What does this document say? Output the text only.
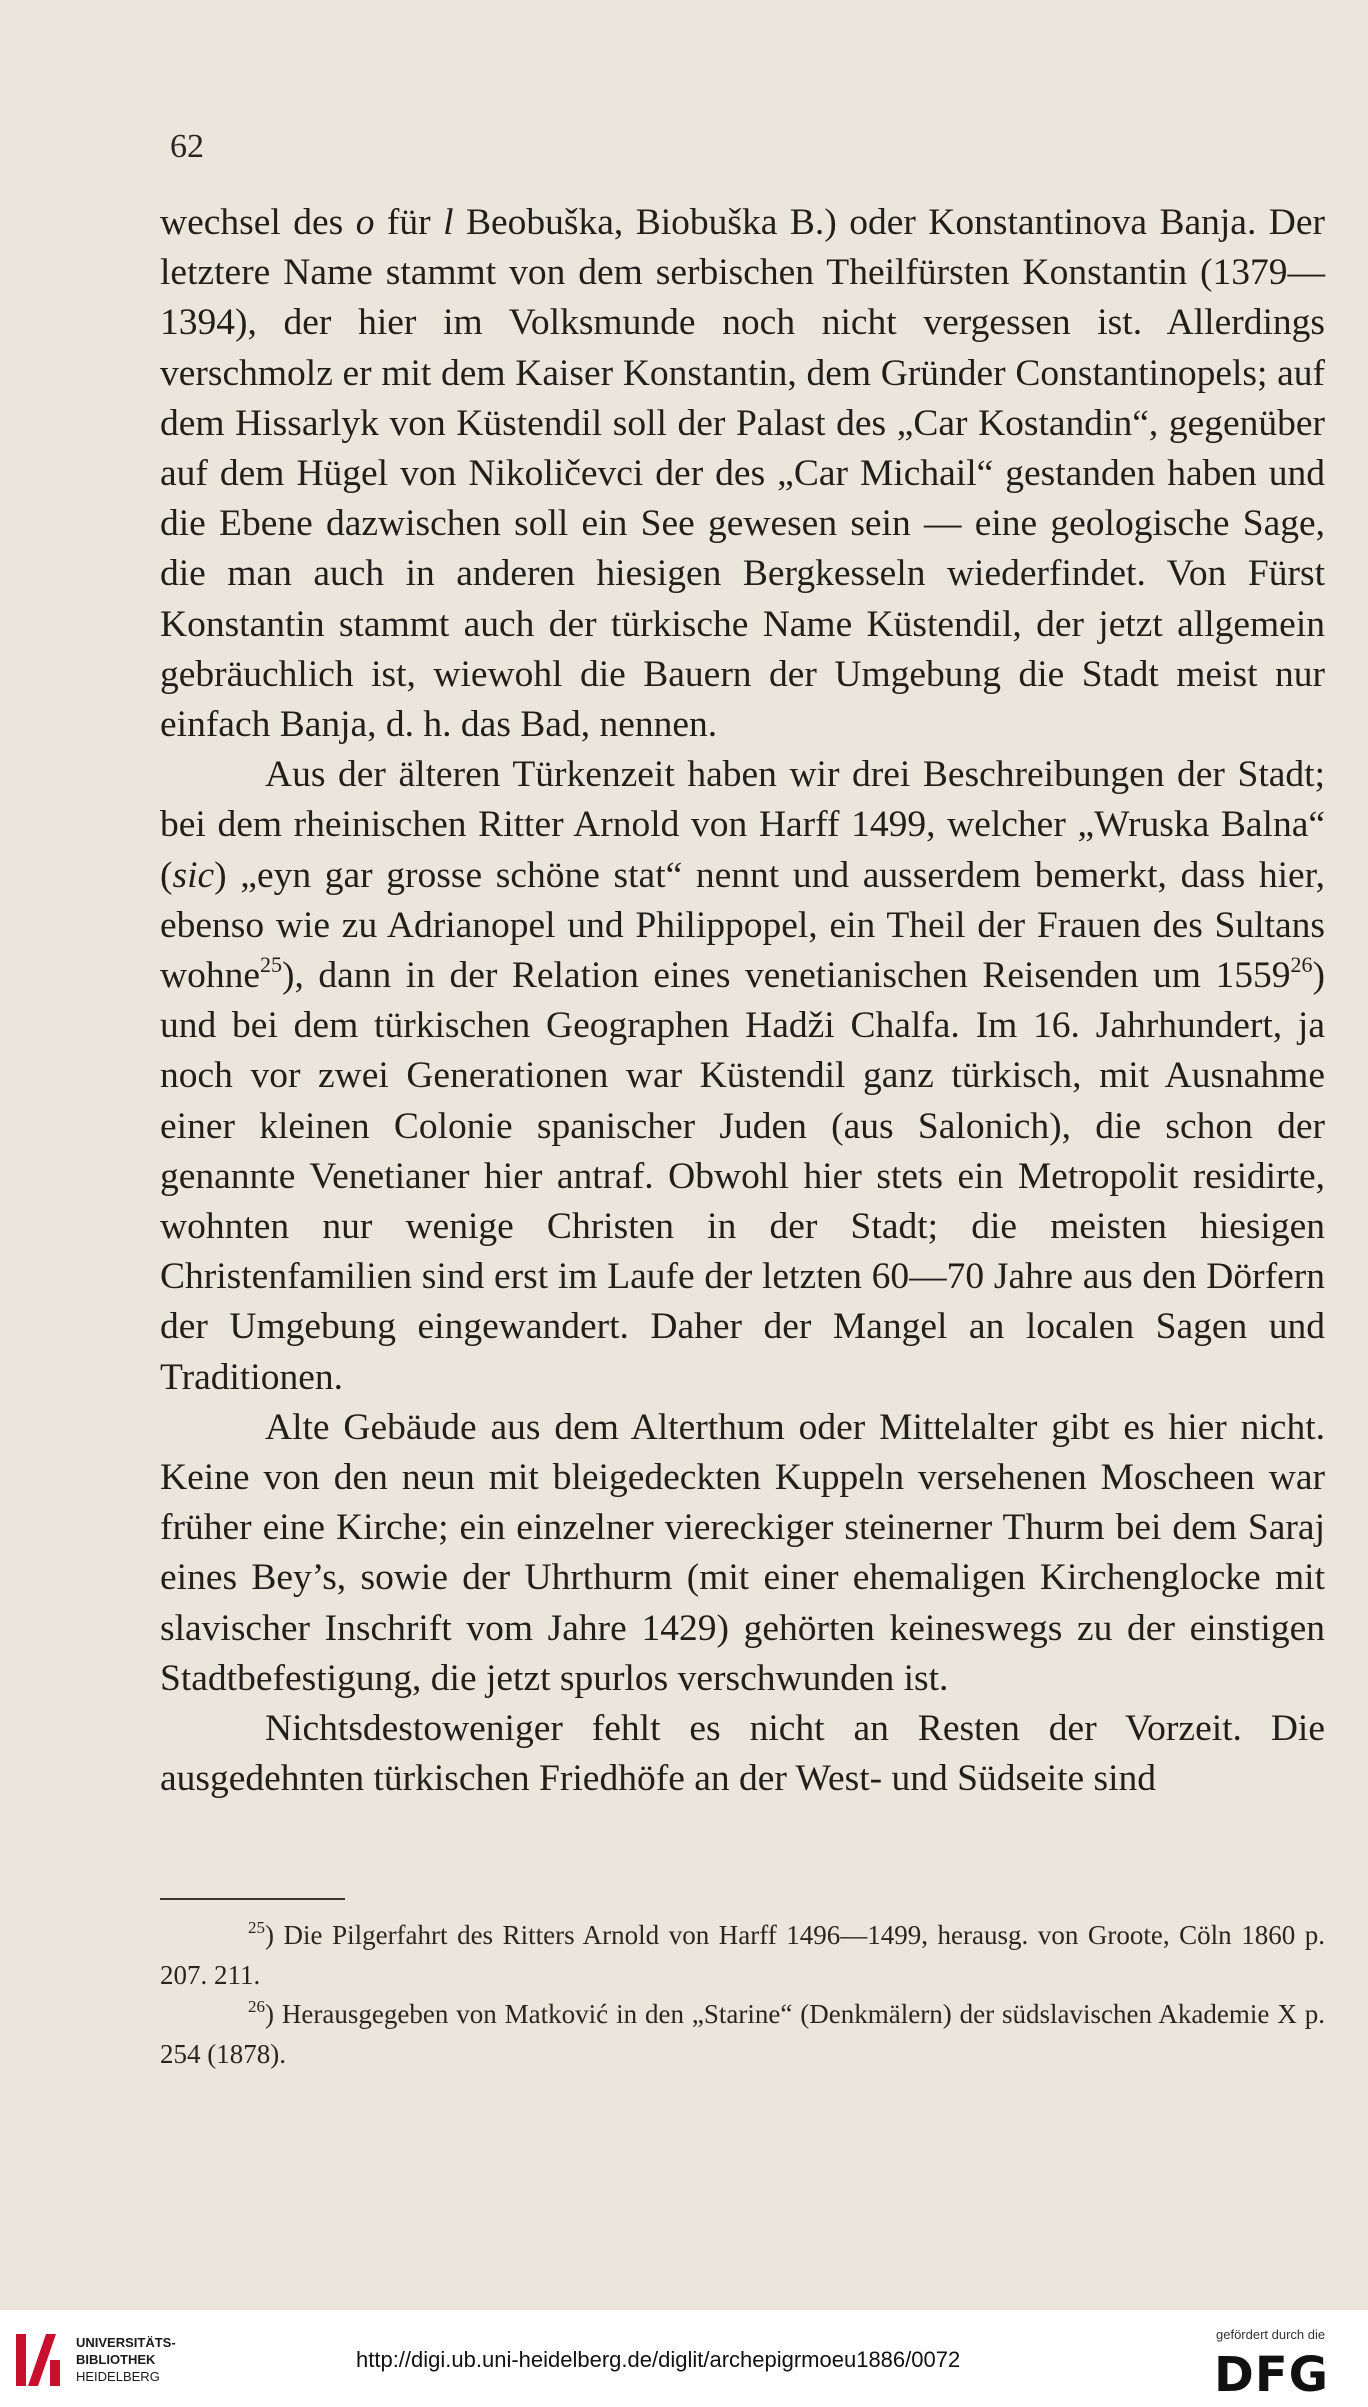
62

wechsel des o für l Beobuška, Biobuška B.) oder Konstantinova Banja. Der letztere Name stammt von dem serbischen Theilfürsten Konstantin (1379—1394), der hier im Volksmunde noch nicht vergessen ist. Allerdings verschmolz er mit dem Kaiser Konstantin, dem Gründer Constantinopels; auf dem Hissarlyk von Küstendil soll der Palast des „Car Kostandin“, gegenüber auf dem Hügel von Nikoličevci der des „Car Michail“ gestanden haben und die Ebene dazwischen soll ein See gewesen sein — eine geologische Sage, die man auch in anderen hiesigen Bergkesseln wiederfindet. Von Fürst Konstantin stammt auch der türkische Name Küstendil, der jetzt allgemein gebräuchlich ist, wiewohl die Bauern der Umgebung die Stadt meist nur einfach Banja, d. h. das Bad, nennen.

Aus der älteren Türkenzeit haben wir drei Beschreibungen der Stadt; bei dem rheinischen Ritter Arnold von Harff 1499, welcher „Wruska Balna“ (sic) „eyn gar grosse schöne stat“ nennt und ausserdem bemerkt, dass hier, ebenso wie zu Adrianopel und Philippopel, ein Theil der Frauen des Sultans wohne$^{25}$), dann in der Relation eines venetianischen Reisenden um 1559$^{26}$) und bei dem türkischen Geographen Hadži Chalfa. Im 16. Jahrhundert, ja noch vor zwei Generationen war Küstendil ganz türkisch, mit Ausnahme einer kleinen Colonie spanischer Juden (aus Salonich), die schon der genannte Venetianer hier antraf. Obwohl hier stets ein Metropolit residirte, wohnten nur wenige Christen in der Stadt; die meisten hiesigen Christenfamilien sind erst im Laufe der letzten 60—70 Jahre aus den Dörfern der Umgebung eingewandert. Daher der Mangel an localen Sagen und Traditionen.

Alte Gebäude aus dem Alterthum oder Mittelalter gibt es hier nicht. Keine von den neun mit bleigedeckten Kuppeln versehenen Moscheen war früher eine Kirche; ein einzelner viereckiger steinerner Thurm bei dem Saraj eines Bey’s, sowie der Uhrthurm (mit einer ehemaligen Kirchenglocke mit slavischer Inschrift vom Jahre 1429) gehörten keineswegs zu der einstigen Stadtbefestigung, die jetzt spurlos verschwunden ist.

Nichtsdestoweniger fehlt es nicht an Resten der Vorzeit. Die ausgedehnten türkischen Friedhöfe an der West- und Südseite sind

$^{25}$) Die Pilgerfahrt des Ritters Arnold von Harff 1496—1499, herausg. von Groote, Cöln 1860 p. 207. 211.

$^{26}$) Herausgegeben von Matković in den „Starine“ (Denkmälern) der südslavischen Akademie X p. 254 (1878).

UNIVERSITÄTS-
BIBLIOTHEK
HEIDELBERG
http://digi.ub.uni-heidelberg.de/diglit/archepigrmoeu1886/0072
gefördert durch die
DFG
